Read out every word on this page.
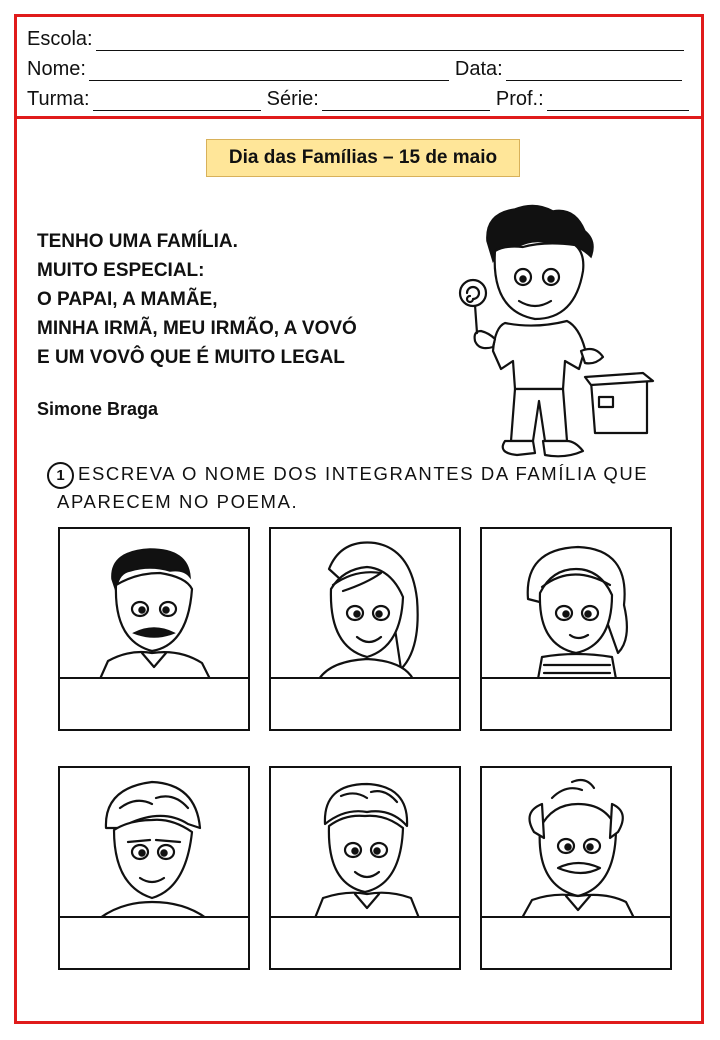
Escola:
Nome:	Data:
Turma:	Série:	Prof.:
Dia das Famílias – 15 de maio
TENHO UMA FAMÍLIA.
MUITO ESPECIAL:
O PAPAI, A MAMÃE,
MINHA IRMÃ, MEU IRMÃO, A VOVÓ
E UM VOVÔ QUE É MUITO LEGAL
Simone Braga
1 ESCREVA O NOME DOS INTEGRANTES DA FAMÍLIA QUE
APARECEM NO POEMA.
